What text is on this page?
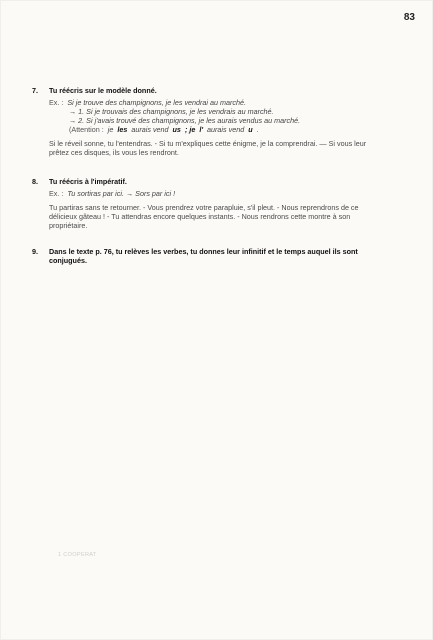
83
7.	Tu réécris sur le modèle donné.
Ex. : Si je trouve des champignons, je les vendrai au marché.
→ 1. Si je trouvais des champignons, je les vendrais au marché.
→ 2. Si j'avais trouvé des champignons, je les aurais vendus au marché.
(Attention : je les aurais vend us ; je l' aurais vend u .
Si le réveil sonne, tu l'entendras. - Si tu m'expliques cette énigme, je la comprendrai. — Si vous leur prêtez ces disques, ils vous les rendront.
8.	Tu réécris à l'impératif.
Ex. : Tu sortiras par ici. → Sors par ici !
Tu partiras sans te retourner. - Vous prendrez votre parapluie, s'il pleut. - Nous reprendrons de ce délicieux gâteau ! - Tu attendras encore quelques instants. - Nous rendrons cette montre à son propriétaire.
9.	Dans le texte p. 76, tu relèves les verbes, tu donnes leur infinitif et le temps auquel ils sont conjugués.
1 COOPERAT
